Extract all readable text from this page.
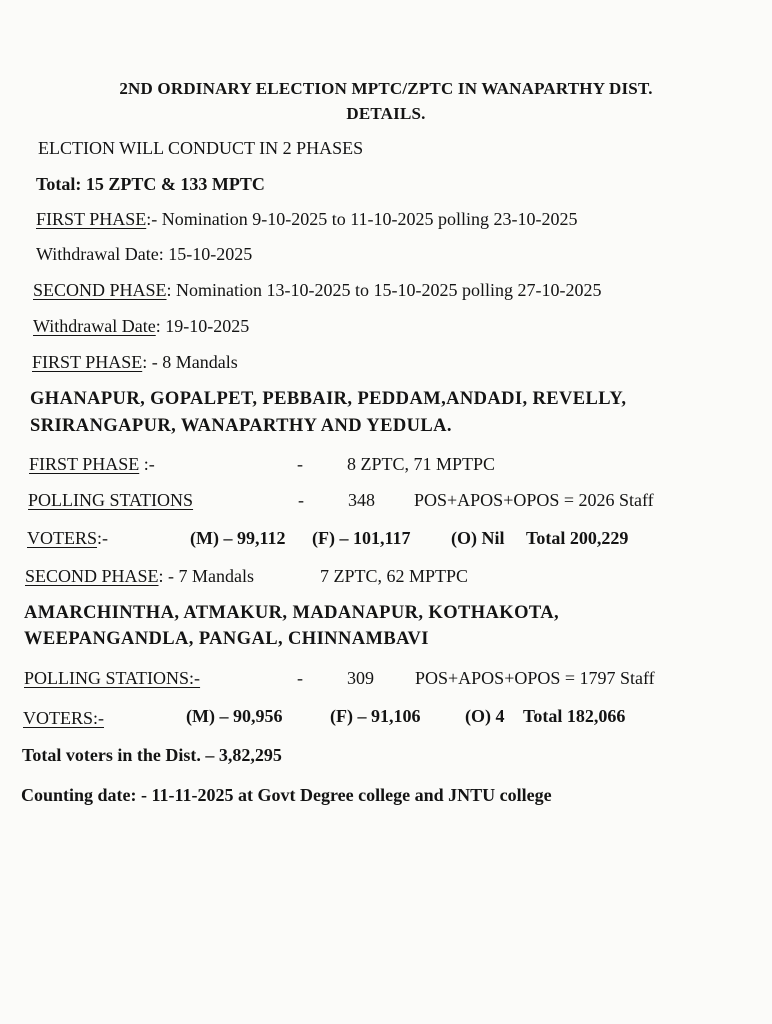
2ND ORDINARY ELECTION MPTC/ZPTC IN WANAPARTHY DIST.
DETAILS.
ELCTION WILL CONDUCT IN 2 PHASES
Total: 15 ZPTC & 133 MPTC
FIRST PHASE:- Nomination 9-10-2025 to 11-10-2025 polling 23-10-2025
Withdrawal Date: 15-10-2025
SECOND PHASE: Nomination 13-10-2025 to 15-10-2025 polling 27-10-2025
Withdrawal Date: 19-10-2025
FIRST PHASE: - 8 Mandals
GHANAPUR, GOPALPET, PEBBAIR, PEDDAM,ANDADI, REVELLY,
SRIRANGAPUR, WANAPARTHY AND YEDULA.
FIRST PHASE :-	- 8 ZPTC, 71 MPTPC
POLLING STATIONS	- 348 POS+APOS+OPOS = 2026 Staff
VOTERS:-	(M) – 99,112 (F) – 101,117 (O) Nil Total 200,229
SECOND PHASE: - 7 Mandals	7 ZPTC, 62 MPTPC
AMARCHINTHA, ATMAKUR, MADANAPUR, KOTHAKOTA,
WEEPANGANDLA, PANGAL, CHINNAMBAVI
POLLING STATIONS:-	- 309 POS+APOS+OPOS = 1797 Staff
VOTERS:-	(M) – 90,956	(F) – 91,106 (O) 4 Total 182,066
Total voters in the Dist. – 3,82,295
Counting date: - 11-11-2025 at Govt Degree college and JNTU college
